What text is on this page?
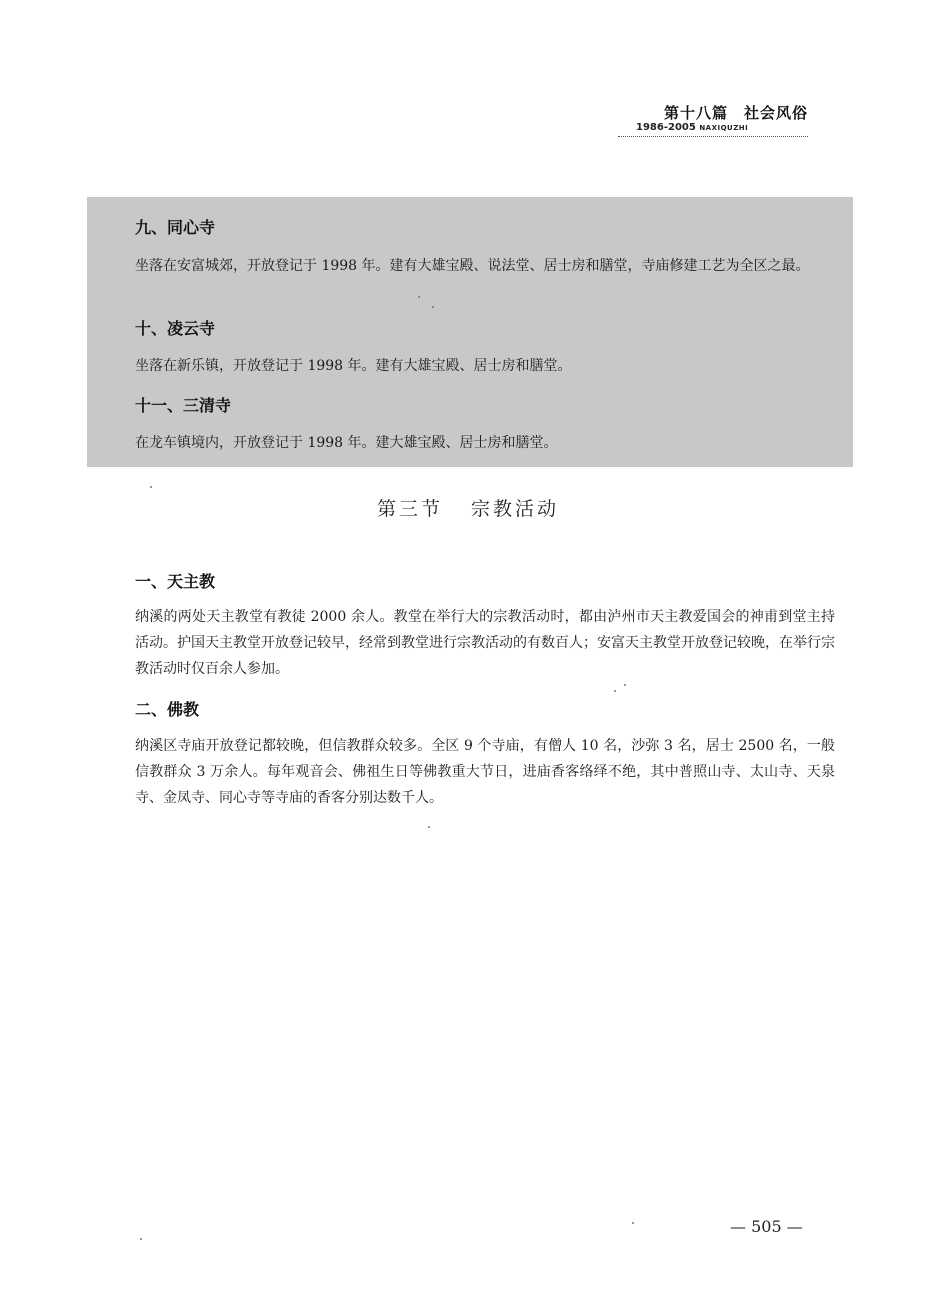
第十八篇　社会风俗
1986-2005 NAXIQUZHI
九、同心寺
坐落在安富城郊，开放登记于 1998 年。建有大雄宝殿、说法堂、居士房和膳堂，寺庙修建工艺为全区之最。
十、凌云寺
坐落在新乐镇，开放登记于 1998 年。建有大雄宝殿、居士房和膳堂。
十一、三清寺
在龙车镇境内，开放登记于 1998 年。建大雄宝殿、居士房和膳堂。
第三节 宗教活动
一、天主教
纳溪的两处天主教堂有教徒 2000 余人。教堂在举行大的宗教活动时，都由泸州市天主教爱国会的神甫到堂主持活动。护国天主教堂开放登记较早，经常到教堂进行宗教活动的有数百人；安富天主教堂开放登记较晚，在举行宗教活动时仅百余人参加。
二、佛教
纳溪区寺庙开放登记都较晚，但信教群众较多。全区 9 个寺庙，有僧人 10 名，沙弥 3 名，居士 2500 名，一般信教群众 3 万余人。每年观音会、佛祖生日等佛教重大节日，进庙香客络绎不绝，其中普照山寺、太山寺、天泉寺、金凤寺、同心寺等寺庙的香客分别达数千人。
— 505 —
